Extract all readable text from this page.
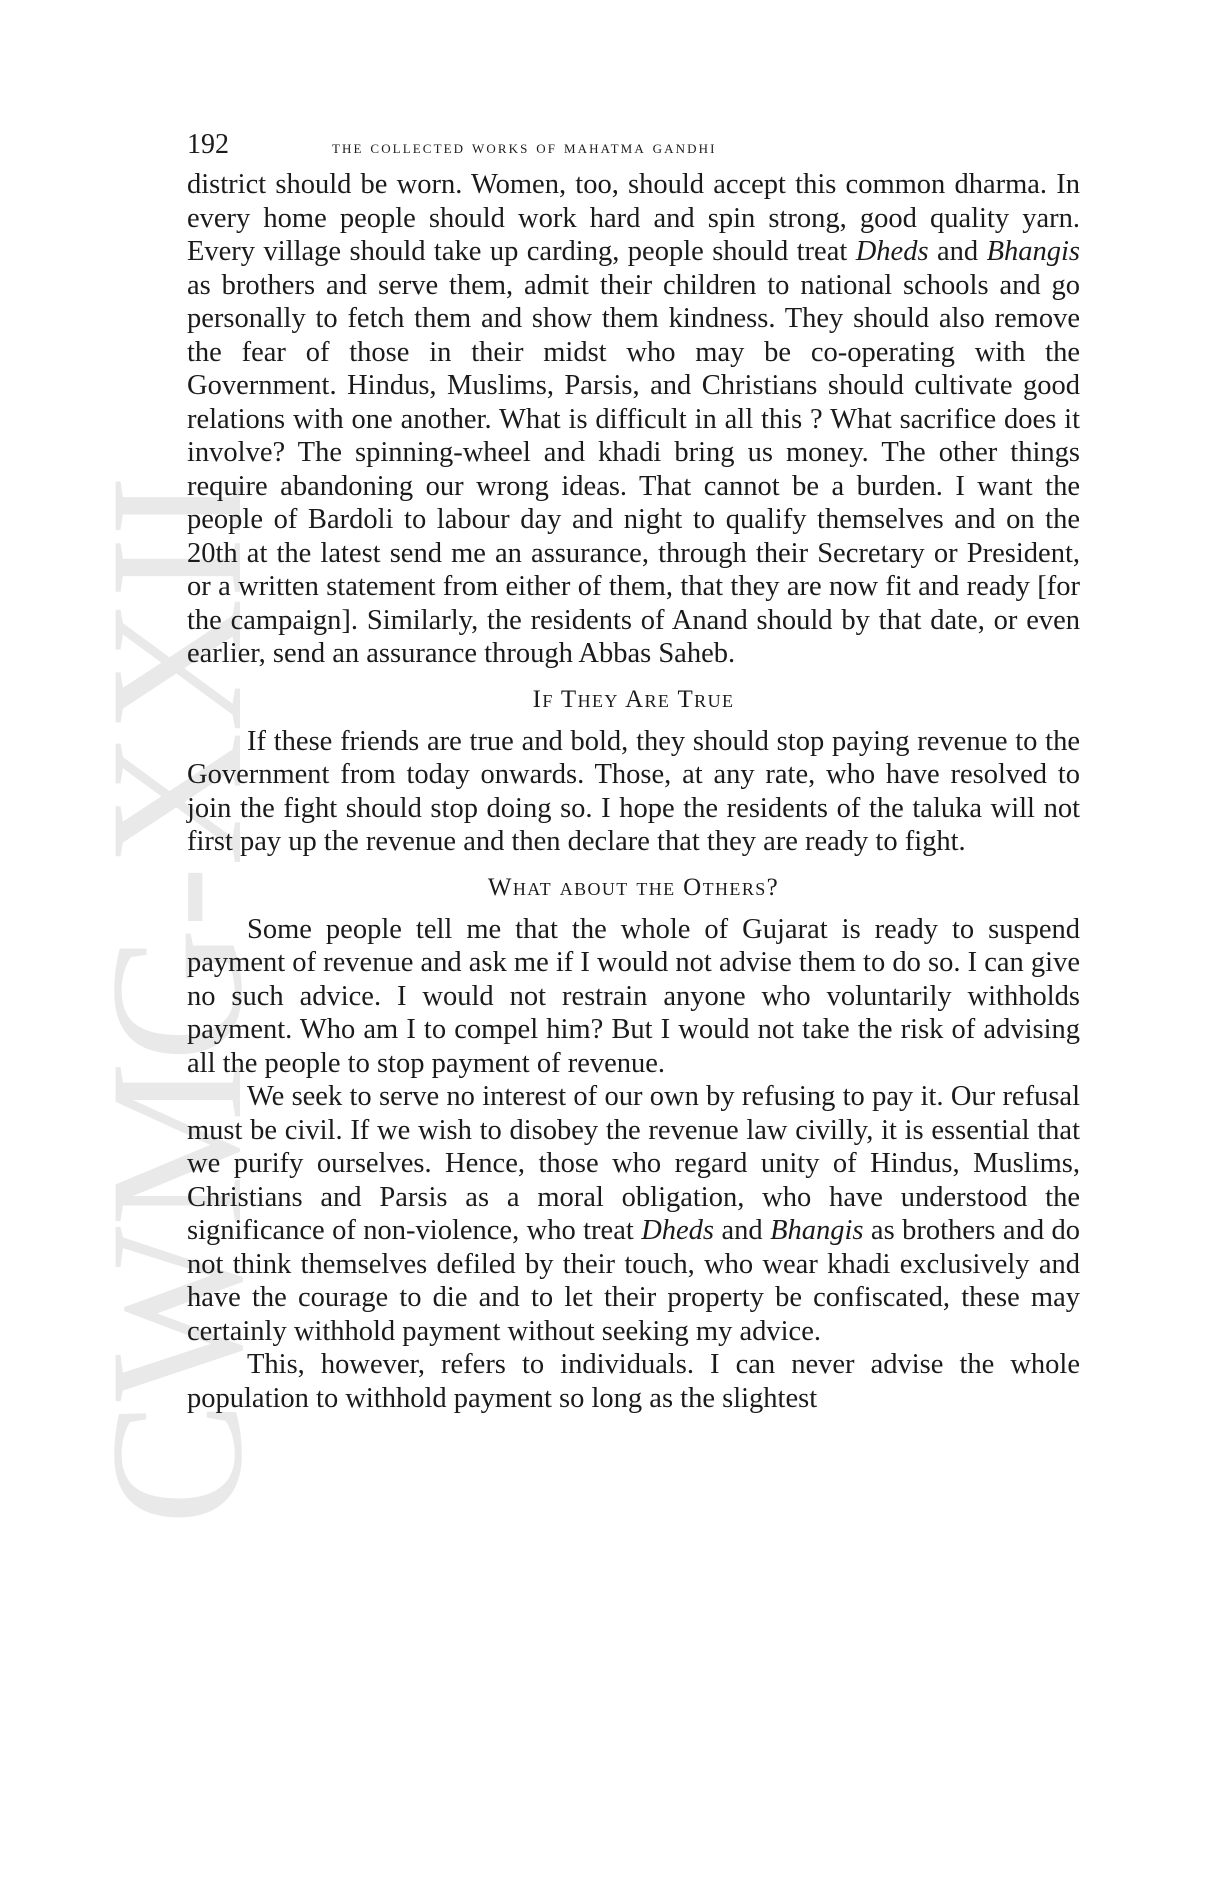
CWMG-XXII
192	the collected works of mahatma gandhi

district should be worn. Women, too, should accept this common dharma. In every home people should work hard and spin strong, good quality yarn. Every village should take up carding, people should treat Dheds and Bhangis as brothers and serve them, admit their children to national schools and go personally to fetch them and show them kindness. They should also remove the fear of those in their midst who may be co-operating with the Government. Hindus, Muslims, Parsis, and Christians should cultivate good relations with one another. What is difficult in all this ? What sacrifice does it involve? The spinning-wheel and khadi bring us money. The other things require abandoning our wrong ideas. That cannot be a burden. I want the people of Bardoli to labour day and night to qualify themselves and on the 20th at the latest send me an assurance, through their Secretary or President, or a written statement from either of them, that they are now fit and ready [for the campaign]. Similarly, the residents of Anand should by that date, or even earlier, send an assurance through Abbas Saheb.

If They Are True

If these friends are true and bold, they should stop paying revenue to the Government from today onwards. Those, at any rate, who have resolved to join the fight should stop doing so. I hope the residents of the taluka will not first pay up the revenue and then declare that they are ready to fight.

What about the Others?

Some people tell me that the whole of Gujarat is ready to suspend payment of revenue and ask me if I would not advise them to do so. I can give no such advice. I would not restrain anyone who voluntarily withholds payment. Who am I to compel him? But I would not take the risk of advising all the people to stop payment of revenue.

We seek to serve no interest of our own by refusing to pay it. Our refusal must be civil. If we wish to disobey the revenue law civilly, it is essential that we purify ourselves. Hence, those who regard unity of Hindus, Muslims, Christians and Parsis as a moral obligation, who have understood the significance of non-violence, who treat Dheds and Bhangis as brothers and do not think themselves defiled by their touch, who wear khadi exclusively and have the courage to die and to let their property be confiscated, these may certainly withhold payment without seeking my advice.

This, however, refers to individuals. I can never advise the whole population to withhold payment so long as the slightest
